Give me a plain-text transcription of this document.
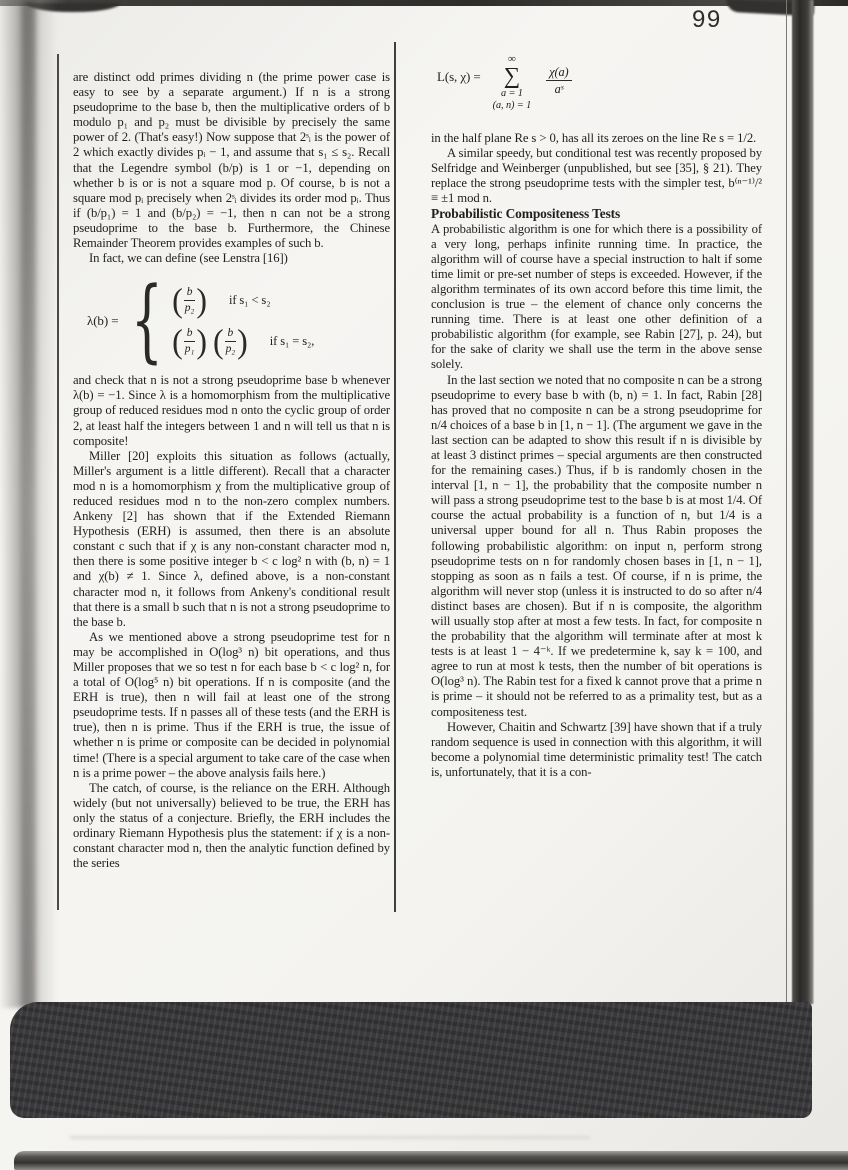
99

are distinct odd primes dividing n (the prime power case is easy to see by a separate argument.) If n is a strong pseudoprime to the base b, then the multiplicative orders of b modulo p₁ and p₂ must be divisible by precisely the same power of 2. (That's easy!) Now suppose that 2ˢᵢ is the power of 2 which exactly divides pᵢ − 1, and assume that s₁ ≤ s₂. Recall that the Legendre symbol (b/p) is 1 or −1, depending on whether b is or is not a square mod p. Of course, b is not a square mod pᵢ precisely when 2ˢᵢ divides its order mod pᵢ. Thus if (b/p₁) = 1 and (b/p₂) = −1, then n can not be a strong pseudoprime to the base b. Furthermore, the Chinese Remainder Theorem provides examples of such b.

In fact, we can define (see Lenstra [16])

λ(b) = { ( $\frac{b}{\text{p₂}}$ ) if s₁ < s₂
( $\frac{b}{\text{p₁}}$ ) ( $\frac{b}{\text{p₂}}$ ) if s₁ = s₂,

and check that n is not a strong pseudoprime base b whenever λ(b) = −1. Since λ is a homomorphism from the multiplicative group of reduced residues mod n onto the cyclic group of order 2, at least half the integers between 1 and n will tell us that n is composite!

Miller [20] exploits this situation as follows (actually, Miller's argument is a little different). Recall that a character mod n is a homomorphism χ from the multiplicative group of reduced residues mod n to the non-zero complex numbers. Ankeny [2] has shown that if the Extended Riemann Hypothesis (ERH) is assumed, then there is an absolute constant c such that if χ is any non-constant character mod n, then there is some positive integer b < c log² n with (b, n) = 1 and χ(b) ≠ 1. Since λ, defined above, is a non-constant character mod n, it follows from Ankeny's conditional result that there is a small b such that n is not a strong pseudoprime to the base b.

As we mentioned above a strong pseudoprime test for n may be accomplished in O(log³ n) bit operations, and thus Miller proposes that we so test n for each base b < c log² n, for a total of O(log⁵ n) bit operations. If n is composite (and the ERH is true), then n will fail at least one of the strong pseudoprime tests. If n passes all of these tests (and the ERH is true), then n is prime. Thus if the ERH is true, the issue of whether n is prime or composite can be decided in polynomial time! (There is a special argument to take care of the case when n is a prime power – the above analysis fails here.)

The catch, of course, is the reliance on the ERH. Although widely (but not universally) believed to be true, the ERH has only the status of a conjecture. Briefly, the ERH includes the ordinary Riemann Hypothesis plus the statement: if χ is a non-constant character mod n, then the analytic function defined by the series

L(s, χ) =
∞
∑
a = 1
(a, n) = 1
$\frac{\chi(a)}{\text{aˢ}}$

in the half plane Re s > 0, has all its zeroes on the line Re s = 1/2.

A similar speedy, but conditional test was recently proposed by Selfridge and Weinberger (unpublished, but see [35], § 21). They replace the strong pseudoprime tests with the simpler test, b⁽ⁿ⁻¹⁾/² ≡ ±1 mod n.

Probabilistic Compositeness Tests

A probabilistic algorithm is one for which there is a possibility of a very long, perhaps infinite running time. In practice, the algorithm will of course have a special instruction to halt if some time limit or pre-set number of steps is exceeded. However, if the algorithm terminates of its own accord before this time limit, the conclusion is true – the element of chance only concerns the running time. There is at least one other definition of a probabilistic algorithm (for example, see Rabin [27], p. 24), but for the sake of clarity we shall use the term in the above sense solely.

In the last section we noted that no composite n can be a strong pseudoprime to every base b with (b, n) = 1. In fact, Rabin [28] has proved that no composite n can be a strong pseudoprime for n/4 choices of a base b in [1, n − 1]. (The argument we gave in the last section can be adapted to show this result if n is divisible by at least 3 distinct primes – special arguments are then constructed for the remaining cases.) Thus, if b is randomly chosen in the interval [1, n − 1], the probability that the composite number n will pass a strong pseudoprime test to the base b is at most 1/4. Of course the actual probability is a function of n, but 1/4 is a universal upper bound for all n. Thus Rabin proposes the following probabilistic algorithm: on input n, perform strong pseudoprime tests on n for randomly chosen bases in [1, n − 1], stopping as soon as n fails a test. Of course, if n is prime, the algorithm will never stop (unless it is instructed to do so after n/4 distinct bases are chosen). But if n is composite, the algorithm will usually stop after at most a few tests. In fact, for composite n the probability that the algorithm will terminate after at most k tests is at least 1 − 4⁻ᵏ. If we predetermine k, say k = 100, and agree to run at most k tests, then the number of bit operations is O(log³ n). The Rabin test for a fixed k cannot prove that a prime n is prime – it should not be referred to as a primality test, but as a compositeness test.

However, Chaitin and Schwartz [39] have shown that if a truly random sequence is used in connection with this algorithm, it will become a polynomial time deterministic primality test! The catch is, unfortunately, that it is a con-
